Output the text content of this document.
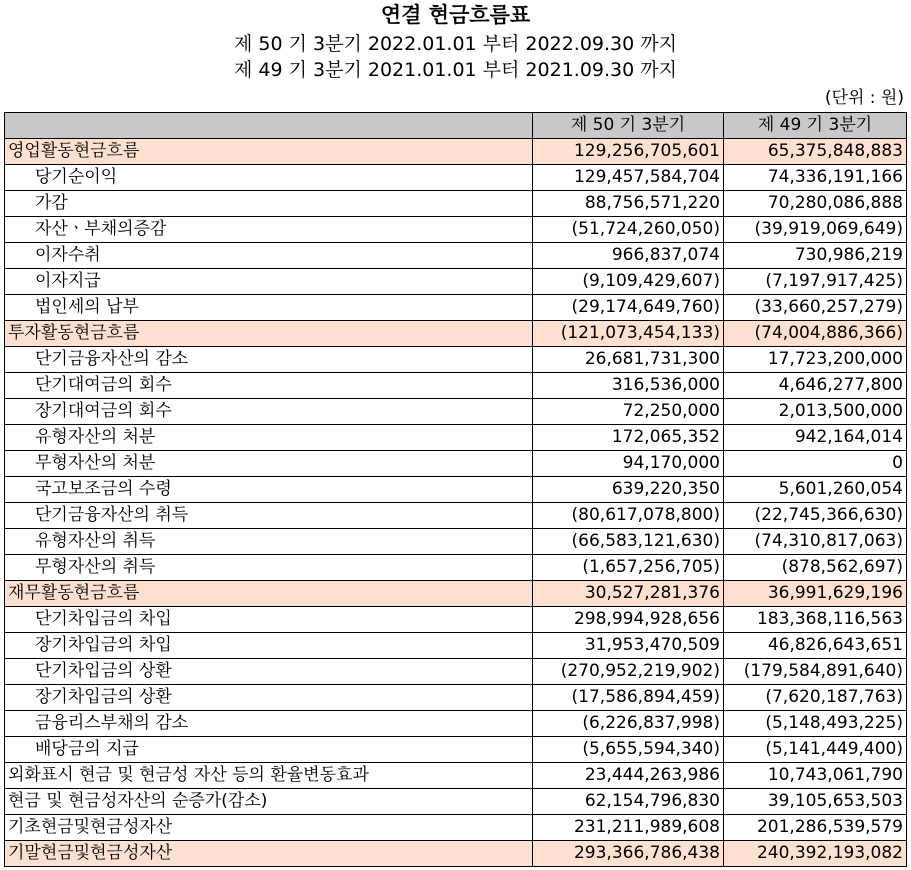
연결 현금흐름표
제 50 기 3분기 2022.01.01 부터 2022.09.30 까지
제 49 기 3분기 2021.01.01 부터 2021.09.30 까지
(단위 : 원)
	제 50 기 3분기	제 49 기 3분기
영업활동현금흐름	129,256,705,601	65,375,848,883
당기순이익	129,457,584,704	74,336,191,166
가감	88,756,571,220	70,280,086,888
자산ㆍ부채의증감	(51,724,260,050)	(39,919,069,649)
이자수취	966,837,074	730,986,219
이자지급	(9,109,429,607)	(7,197,917,425)
법인세의 납부	(29,174,649,760)	(33,660,257,279)
투자활동현금흐름	(121,073,454,133)	(74,004,886,366)
단기금융자산의 감소	26,681,731,300	17,723,200,000
단기대여금의 회수	316,536,000	4,646,277,800
장기대여금의 회수	72,250,000	2,013,500,000
유형자산의 처분	172,065,352	942,164,014
무형자산의 처분	94,170,000	0
국고보조금의 수령	639,220,350	5,601,260,054
단기금융자산의 취득	(80,617,078,800)	(22,745,366,630)
유형자산의 취득	(66,583,121,630)	(74,310,817,063)
무형자산의 취득	(1,657,256,705)	(878,562,697)
재무활동현금흐름	30,527,281,376	36,991,629,196
단기차입금의 차입	298,994,928,656	183,368,116,563
장기차입금의 차입	31,953,470,509	46,826,643,651
단기차입금의 상환	(270,952,219,902)	(179,584,891,640)
장기차입금의 상환	(17,586,894,459)	(7,620,187,763)
금융리스부채의 감소	(6,226,837,998)	(5,148,493,225)
배당금의 지급	(5,655,594,340)	(5,141,449,400)
외화표시 현금 및 현금성 자산 등의 환율변동효과	23,444,263,986	10,743,061,790
현금 및 현금성자산의 순증가(감소)	62,154,796,830	39,105,653,503
기초현금및현금성자산	231,211,989,608	201,286,539,579
기말현금및현금성자산	293,366,786,438	240,392,193,082
